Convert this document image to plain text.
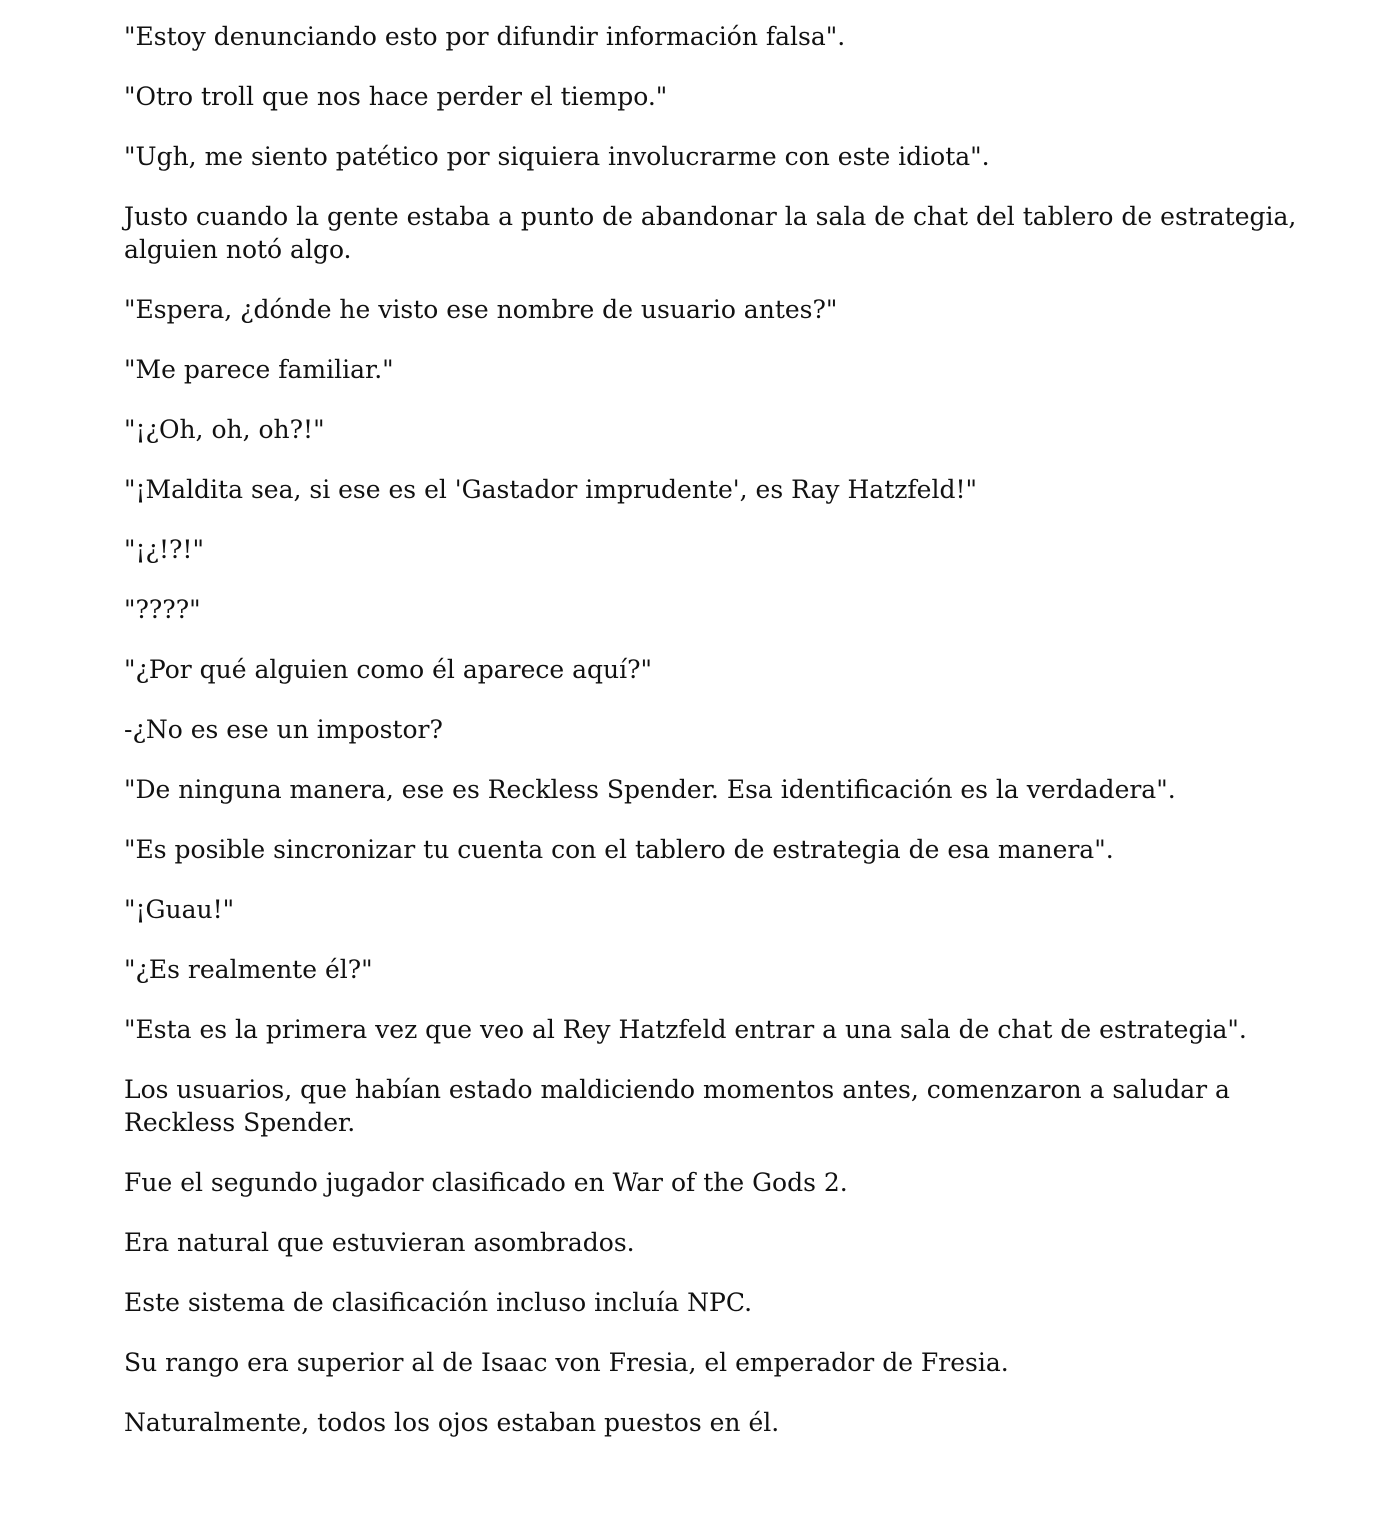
"Estoy denunciando esto por difundir información falsa".

"Otro troll que nos hace perder el tiempo."

"Ugh, me siento patético por siquiera involucrarme con este idiota".

Justo cuando la gente estaba a punto de abandonar la sala de chat del tablero de estrategia, alguien notó algo.

"Espera, ¿dónde he visto ese nombre de usuario antes?"

"Me parece familiar."

"¡¿Oh, oh, oh?!"

"¡Maldita sea, si ese es el 'Gastador imprudente', es Ray Hatzfeld!"

"¡¿!?!"

"????"

"¿Por qué alguien como él aparece aquí?"

-¿No es ese un impostor?

"De ninguna manera, ese es Reckless Spender. Esa identificación es la verdadera".

"Es posible sincronizar tu cuenta con el tablero de estrategia de esa manera".

"¡Guau!"

"¿Es realmente él?"

"Esta es la primera vez que veo al Rey Hatzfeld entrar a una sala de chat de estrategia".

Los usuarios, que habían estado maldiciendo momentos antes, comenzaron a saludar a Reckless Spender.

Fue el segundo jugador clasificado en War of the Gods 2.

Era natural que estuvieran asombrados.

Este sistema de clasificación incluso incluía NPC.

Su rango era superior al de Isaac von Fresia, el emperador de Fresia.

Naturalmente, todos los ojos estaban puestos en él.
